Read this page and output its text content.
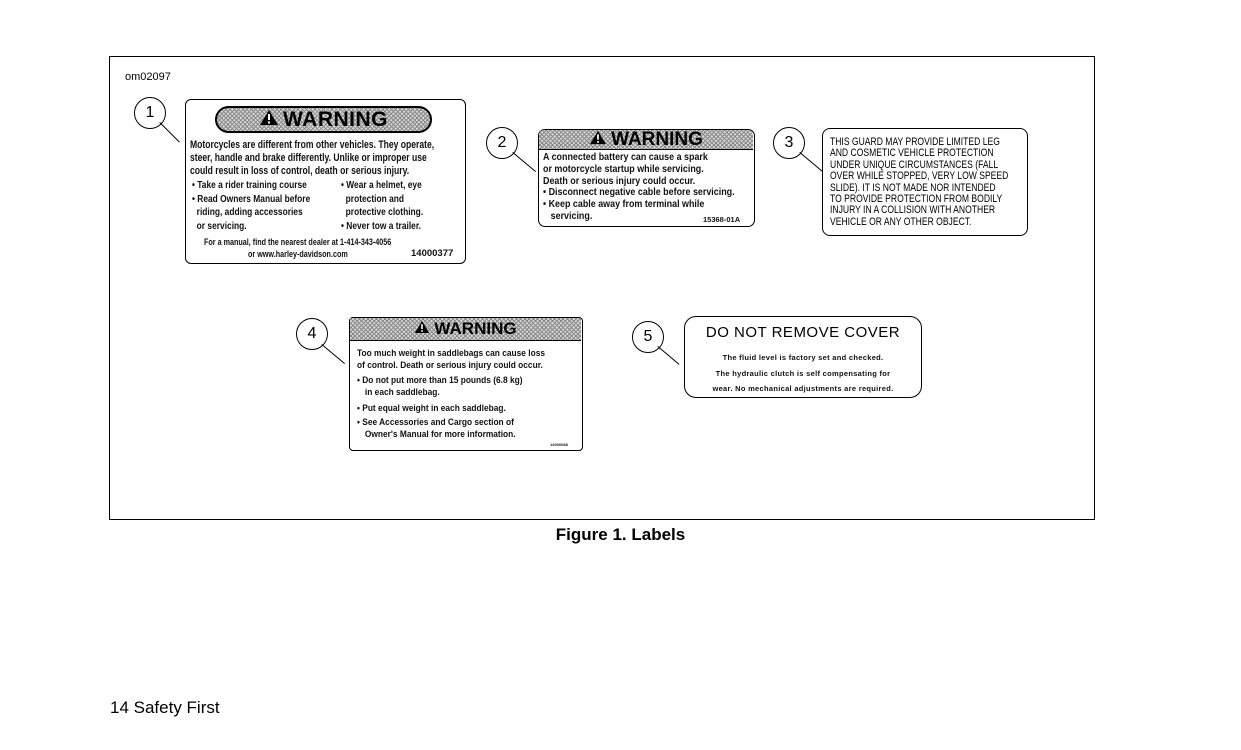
om02097
1
2	3
4	5
WARNING
Motorcycles are different from other vehicles. They operate,
steer, handle and brake differently. Unlike or improper use
could result in loss of control, death or serious injury.
• Take a rider training course
• Read Owners Manual before
riding, adding accessories
or servicing.
• Wear a helmet, eye
protection and
protective clothing.
• Never tow a trailer.
For a manual, find the nearest dealer at 1-414-343-4056
or www.harley-davidson.com	14000377
WARNING
A connected battery can cause a spark
or motorcycle startup while servicing.
Death or serious injury could occur.
• Disconnect negative cable before servicing.
• Keep cable away from terminal while
servicing.	15368-01A
THIS GUARD MAY PROVIDE LIMITED LEG
AND COSMETIC VEHICLE PROTECTION
UNDER UNIQUE CIRCUMSTANCES (FALL
OVER WHILE STOPPED, VERY LOW SPEED
SLIDE). IT IS NOT MADE NOR INTENDED
TO PROVIDE PROTECTION FROM BODILY
INJURY IN A COLLISION WITH ANOTHER
VEHICLE OR ANY OTHER OBJECT.
WARNING
Too much weight in saddlebags can cause loss
of control. Death or serious injury could occur.
• Do not put more than 15 pounds (6.8 kg)
in each saddlebag.
• Put equal weight in each saddlebag.
• See Accessories and Cargo section of
Owner's Manual for more information.
14000088
DO NOT REMOVE COVER
The fluid level is factory set and checked.
The hydraulic clutch is self compensating for
wear. No mechanical adjustments are required.
Figure 1. Labels
14 Safety First
